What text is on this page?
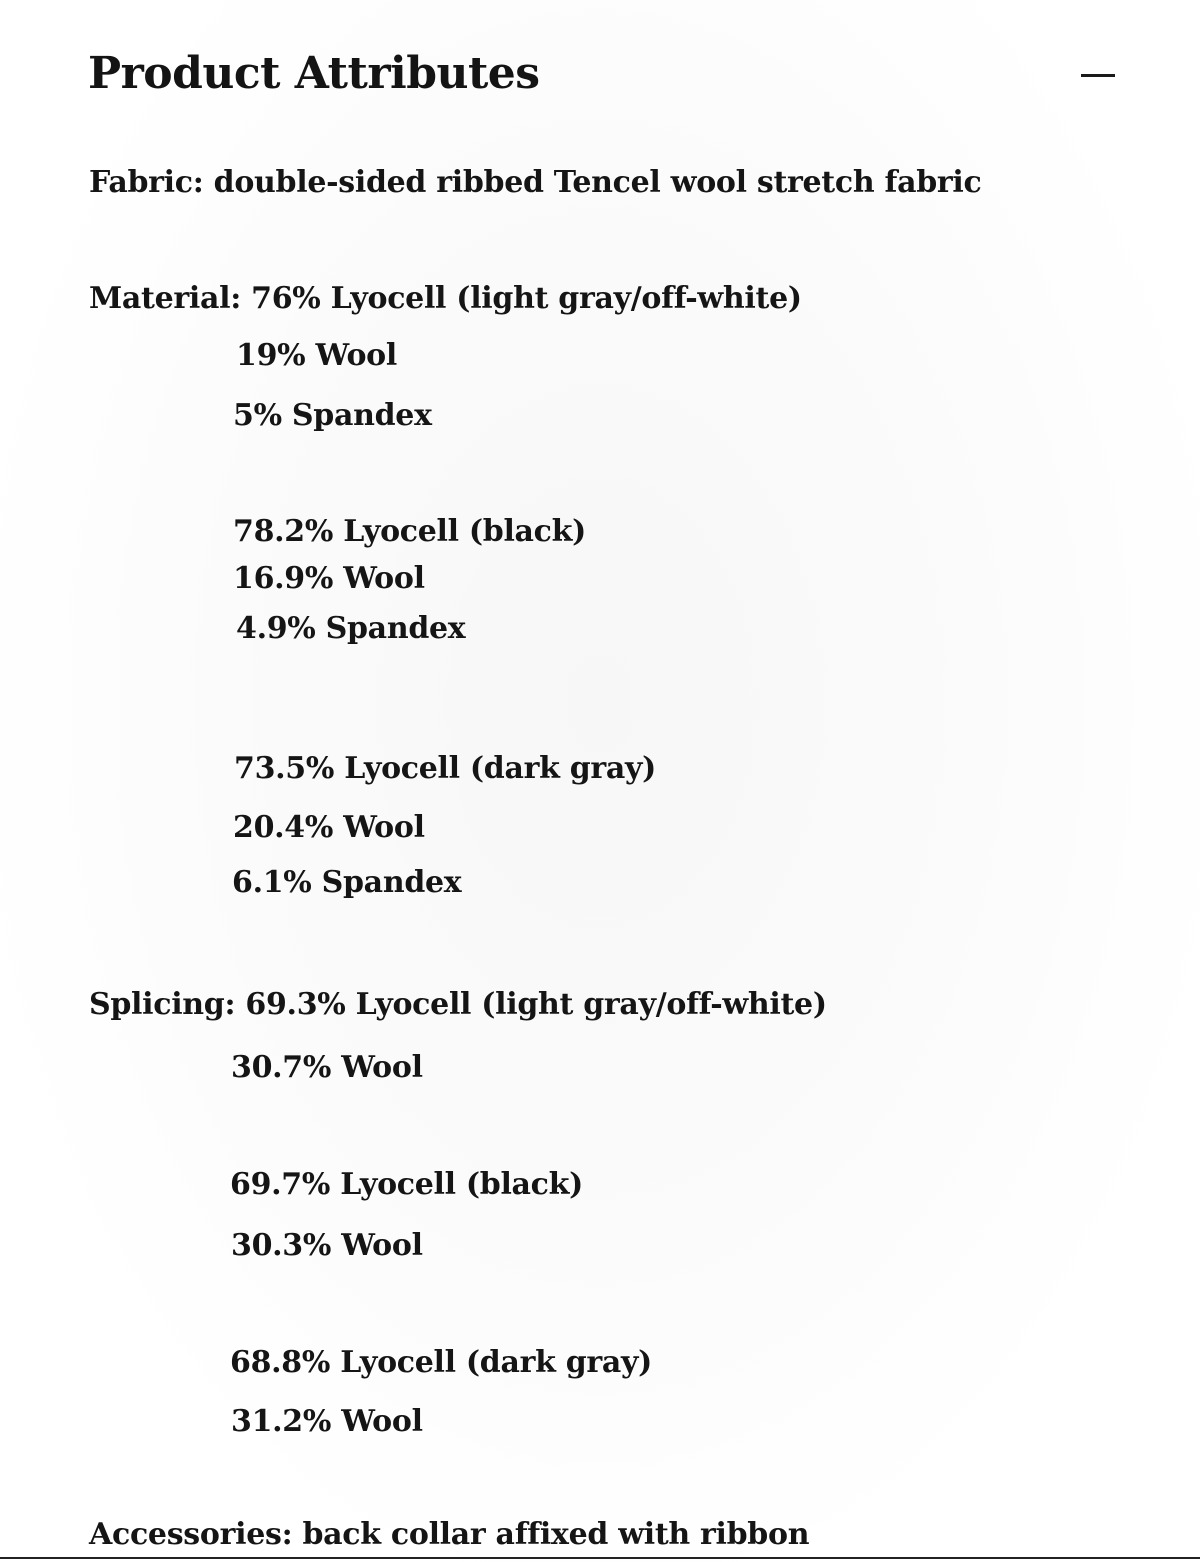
Product Attributes
Fabric: double-sided ribbed Tencel wool stretch fabric
Material: 76% Lyocell (light gray/off-white)
19% Wool
5% Spandex
78.2% Lyocell (black)
16.9% Wool
4.9% Spandex
73.5% Lyocell (dark gray)
20.4% Wool
6.1% Spandex
Splicing: 69.3% Lyocell (light gray/off-white)
30.7% Wool
69.7% Lyocell (black)
30.3% Wool
68.8% Lyocell (dark gray)
31.2% Wool
Accessories: back collar affixed with ribbon
